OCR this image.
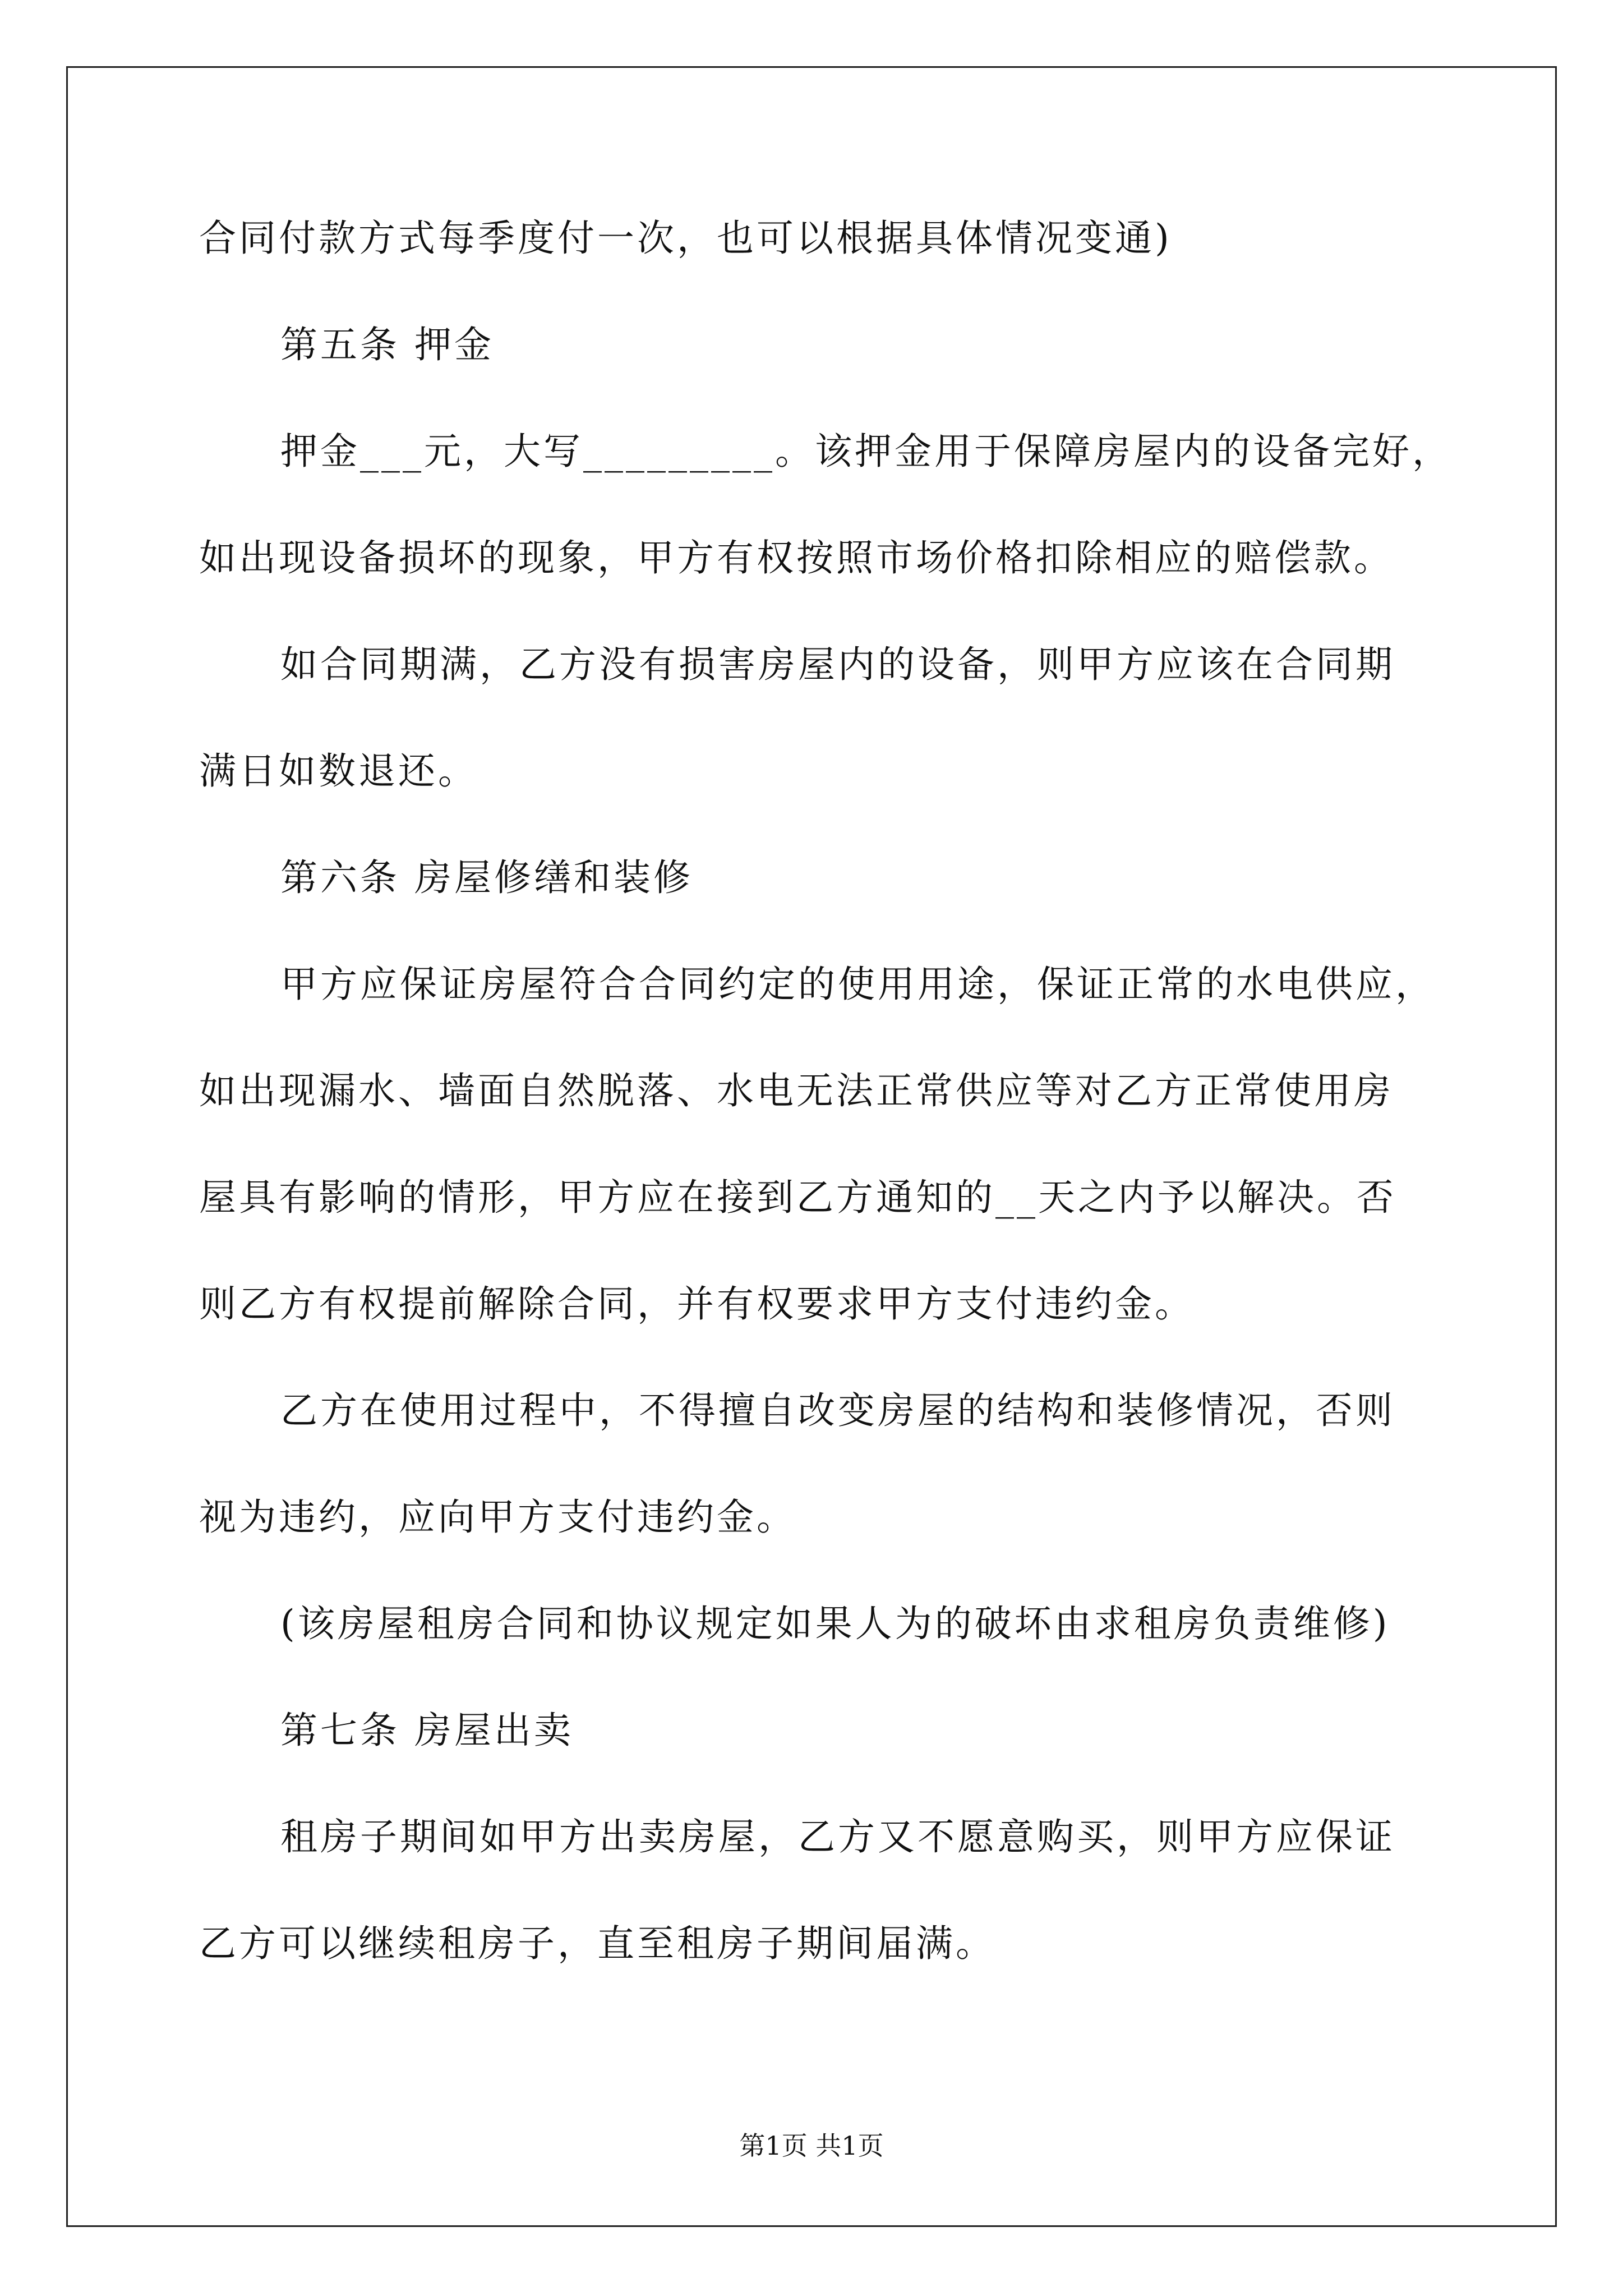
合同付款方式每季度付一次，也可以根据具体情况变通)
第五条 押金
押金___元，大写_________。该押金用于保障房屋内的设备完好，
如出现设备损坏的现象，甲方有权按照市场价格扣除相应的赔偿款。
如合同期满，乙方没有损害房屋内的设备，则甲方应该在合同期
满日如数退还。
第六条 房屋修缮和装修
甲方应保证房屋符合合同约定的使用用途，保证正常的水电供应，
如出现漏水、墙面自然脱落、水电无法正常供应等对乙方正常使用房
屋具有影响的情形，甲方应在接到乙方通知的__天之内予以解决。否
则乙方有权提前解除合同，并有权要求甲方支付违约金。
乙方在使用过程中，不得擅自改变房屋的结构和装修情况，否则
视为违约，应向甲方支付违约金。
(该房屋租房合同和协议规定如果人为的破坏由求租房负责维修)
第七条 房屋出卖
租房子期间如甲方出卖房屋，乙方又不愿意购买，则甲方应保证
乙方可以继续租房子，直至租房子期间届满。
第1页 共1页
